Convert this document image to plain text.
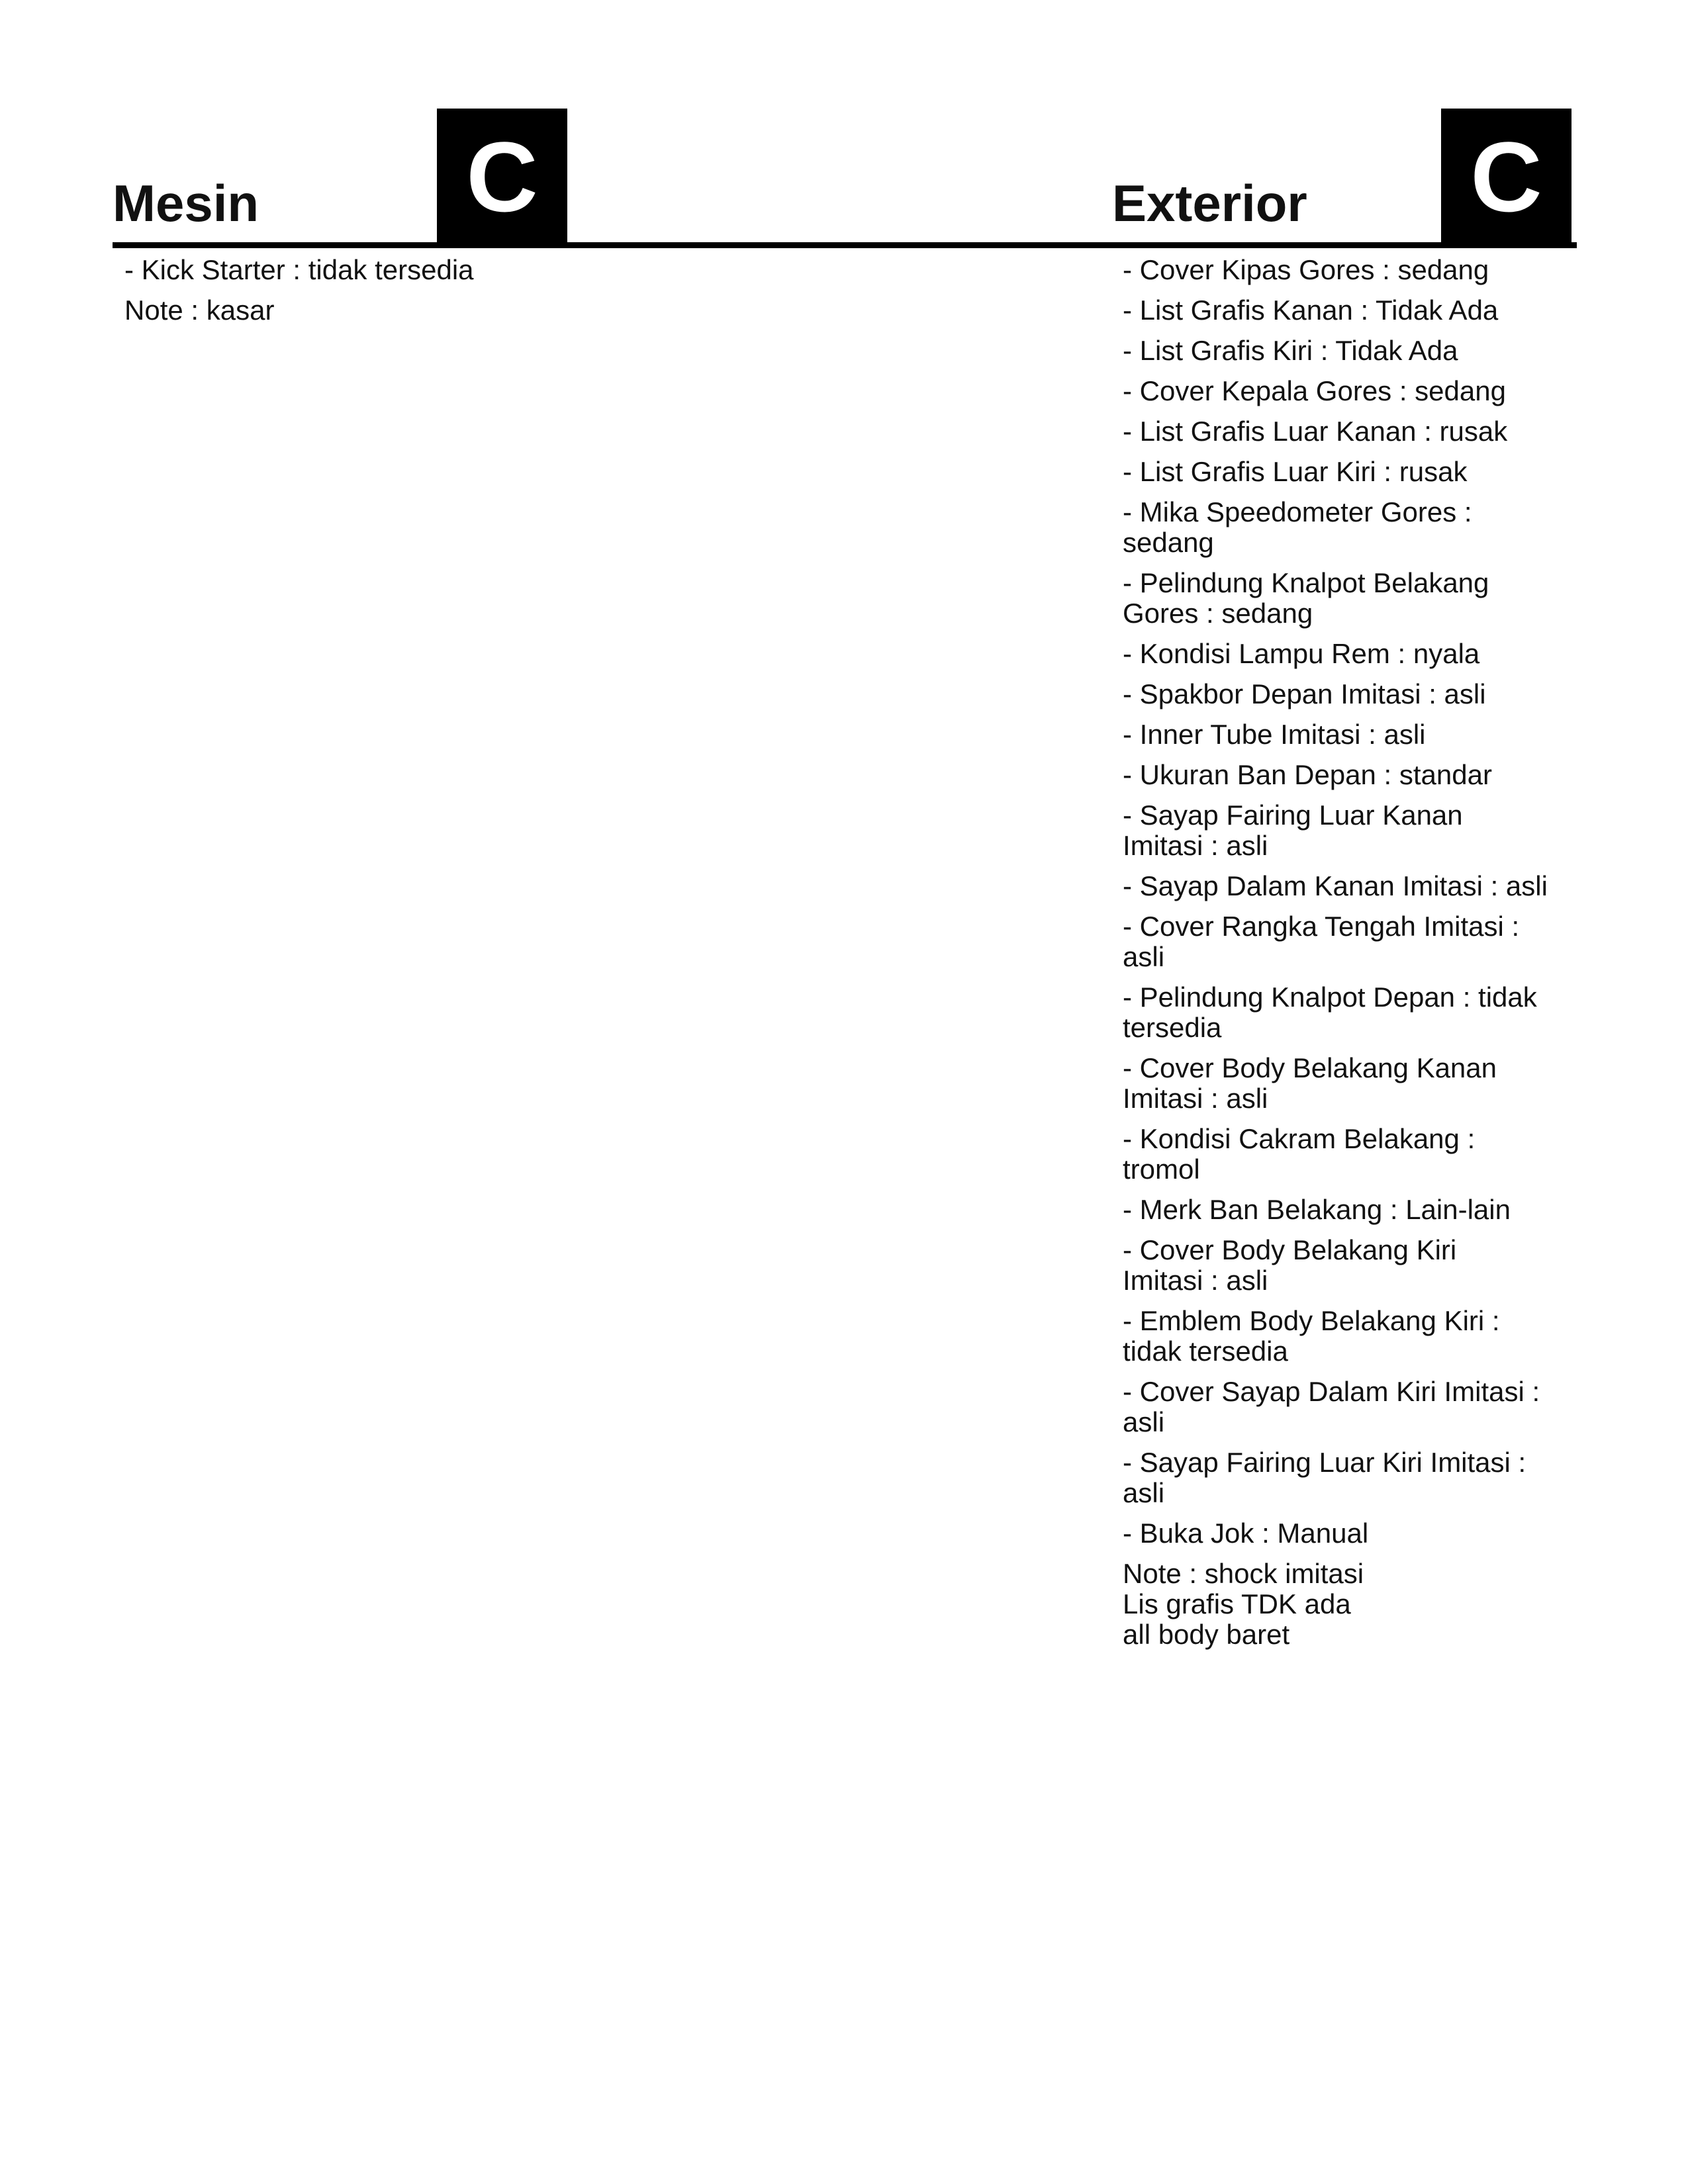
Mesin C
- Kick Starter : tidak tersedia
Note : kasar
Exterior C
- Cover Kipas Gores : sedang
- List Grafis Kanan : Tidak Ada
- List Grafis Kiri : Tidak Ada
- Cover Kepala Gores : sedang
- List Grafis Luar Kanan : rusak
- List Grafis Luar Kiri : rusak
- Mika Speedometer Gores :
sedang
- Pelindung Knalpot Belakang
Gores : sedang
- Kondisi Lampu Rem : nyala
- Spakbor Depan Imitasi : asli
- Inner Tube Imitasi : asli
- Ukuran Ban Depan : standar
- Sayap Fairing Luar Kanan
Imitasi : asli
- Sayap Dalam Kanan Imitasi : asli
- Cover Rangka Tengah Imitasi :
asli
- Pelindung Knalpot Depan : tidak
tersedia
- Cover Body Belakang Kanan
Imitasi : asli
- Kondisi Cakram Belakang :
tromol
- Merk Ban Belakang : Lain-lain
- Cover Body Belakang Kiri
Imitasi : asli
- Emblem Body Belakang Kiri :
tidak tersedia
- Cover Sayap Dalam Kiri Imitasi :
asli
- Sayap Fairing Luar Kiri Imitasi :
asli
- Buka Jok : Manual
Note : shock imitasi
Lis grafis TDK ada
all body baret
